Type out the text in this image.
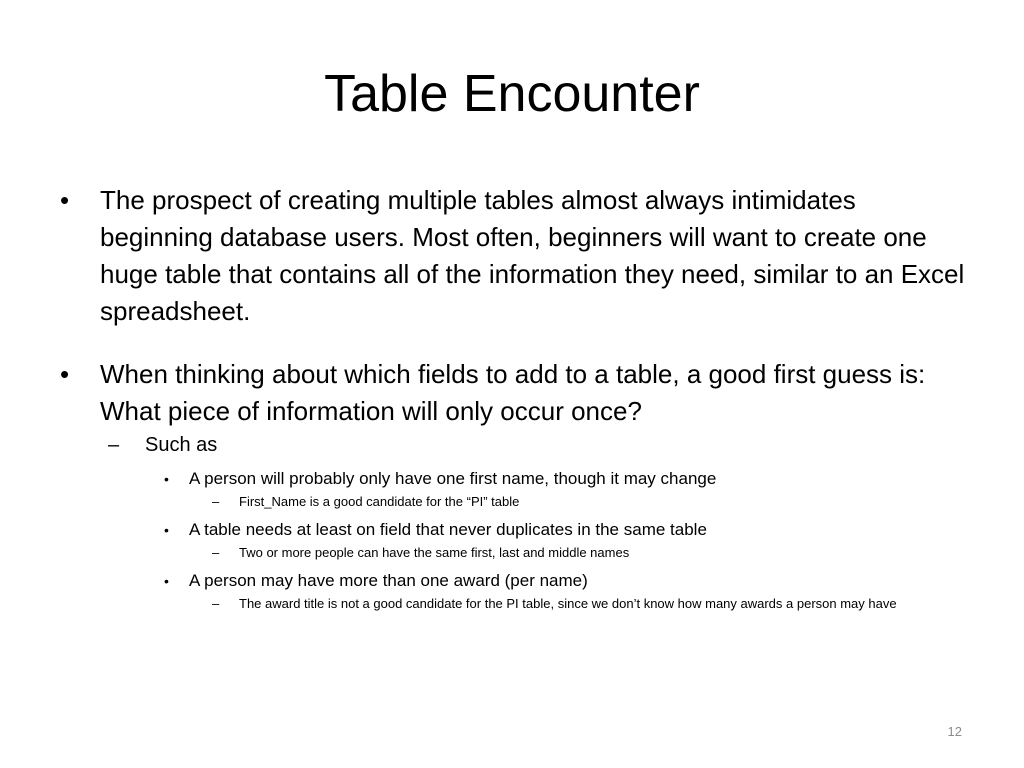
Table Encounter
• The prospect of creating multiple tables almost always intimidates beginning database users. Most often, beginners will want to create one huge table that contains all of the information they need, similar to an Excel spreadsheet.
• When thinking about which fields to add to a table, a good first guess is: What piece of information will only occur once?
– Such as
• A person will probably only have one first name, though it may change
– First_Name is a good candidate for the “PI” table
• A table needs at least on field that never duplicates in the same table
– Two or more people can have the same first, last and middle names
• A person may have more than one award (per name)
– The award title is not a good candidate for the PI table, since we don’t know how many awards a person may have
12
